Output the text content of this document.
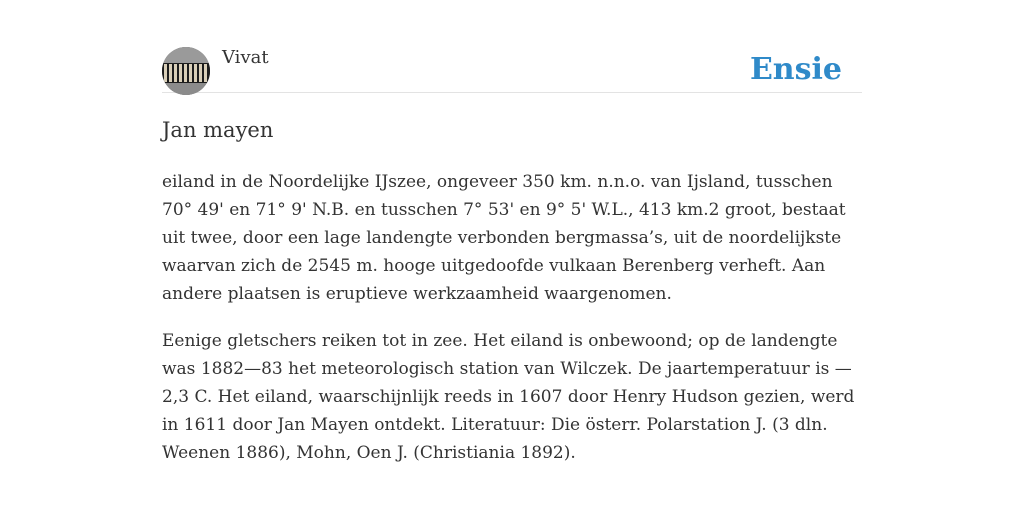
Vivat	Ensie
Jan mayen

eiland in de Noordelijke IJszee, ongeveer 350 km. n.n.o. van Ijsland, tusschen 70° 49' en 71° 9' N.B. en tusschen 7° 53' en 9° 5' W.L., 413 km.2 groot, bestaat uit twee, door een lage landengte verbonden bergmassa’s, uit de noordelijkste waarvan zich de 2545 m. hooge uitgedoofde vulkaan Berenberg verheft. Aan andere plaatsen is eruptieve werkzaamheid waargenomen.

Eenige gletschers reiken tot in zee. Het eiland is onbewoond; op de landengte was 1882—83 het meteorologisch station van Wilczek. De jaartemperatuur is —2,3 C. Het eiland, waarschijnlijk reeds in 1607 door Henry Hudson gezien, werd in 1611 door Jan Mayen ontdekt. Literatuur: Die österr. Polarstation J. (3 dln. Weenen 1886), Mohn, Oen J. (Christiania 1892).
